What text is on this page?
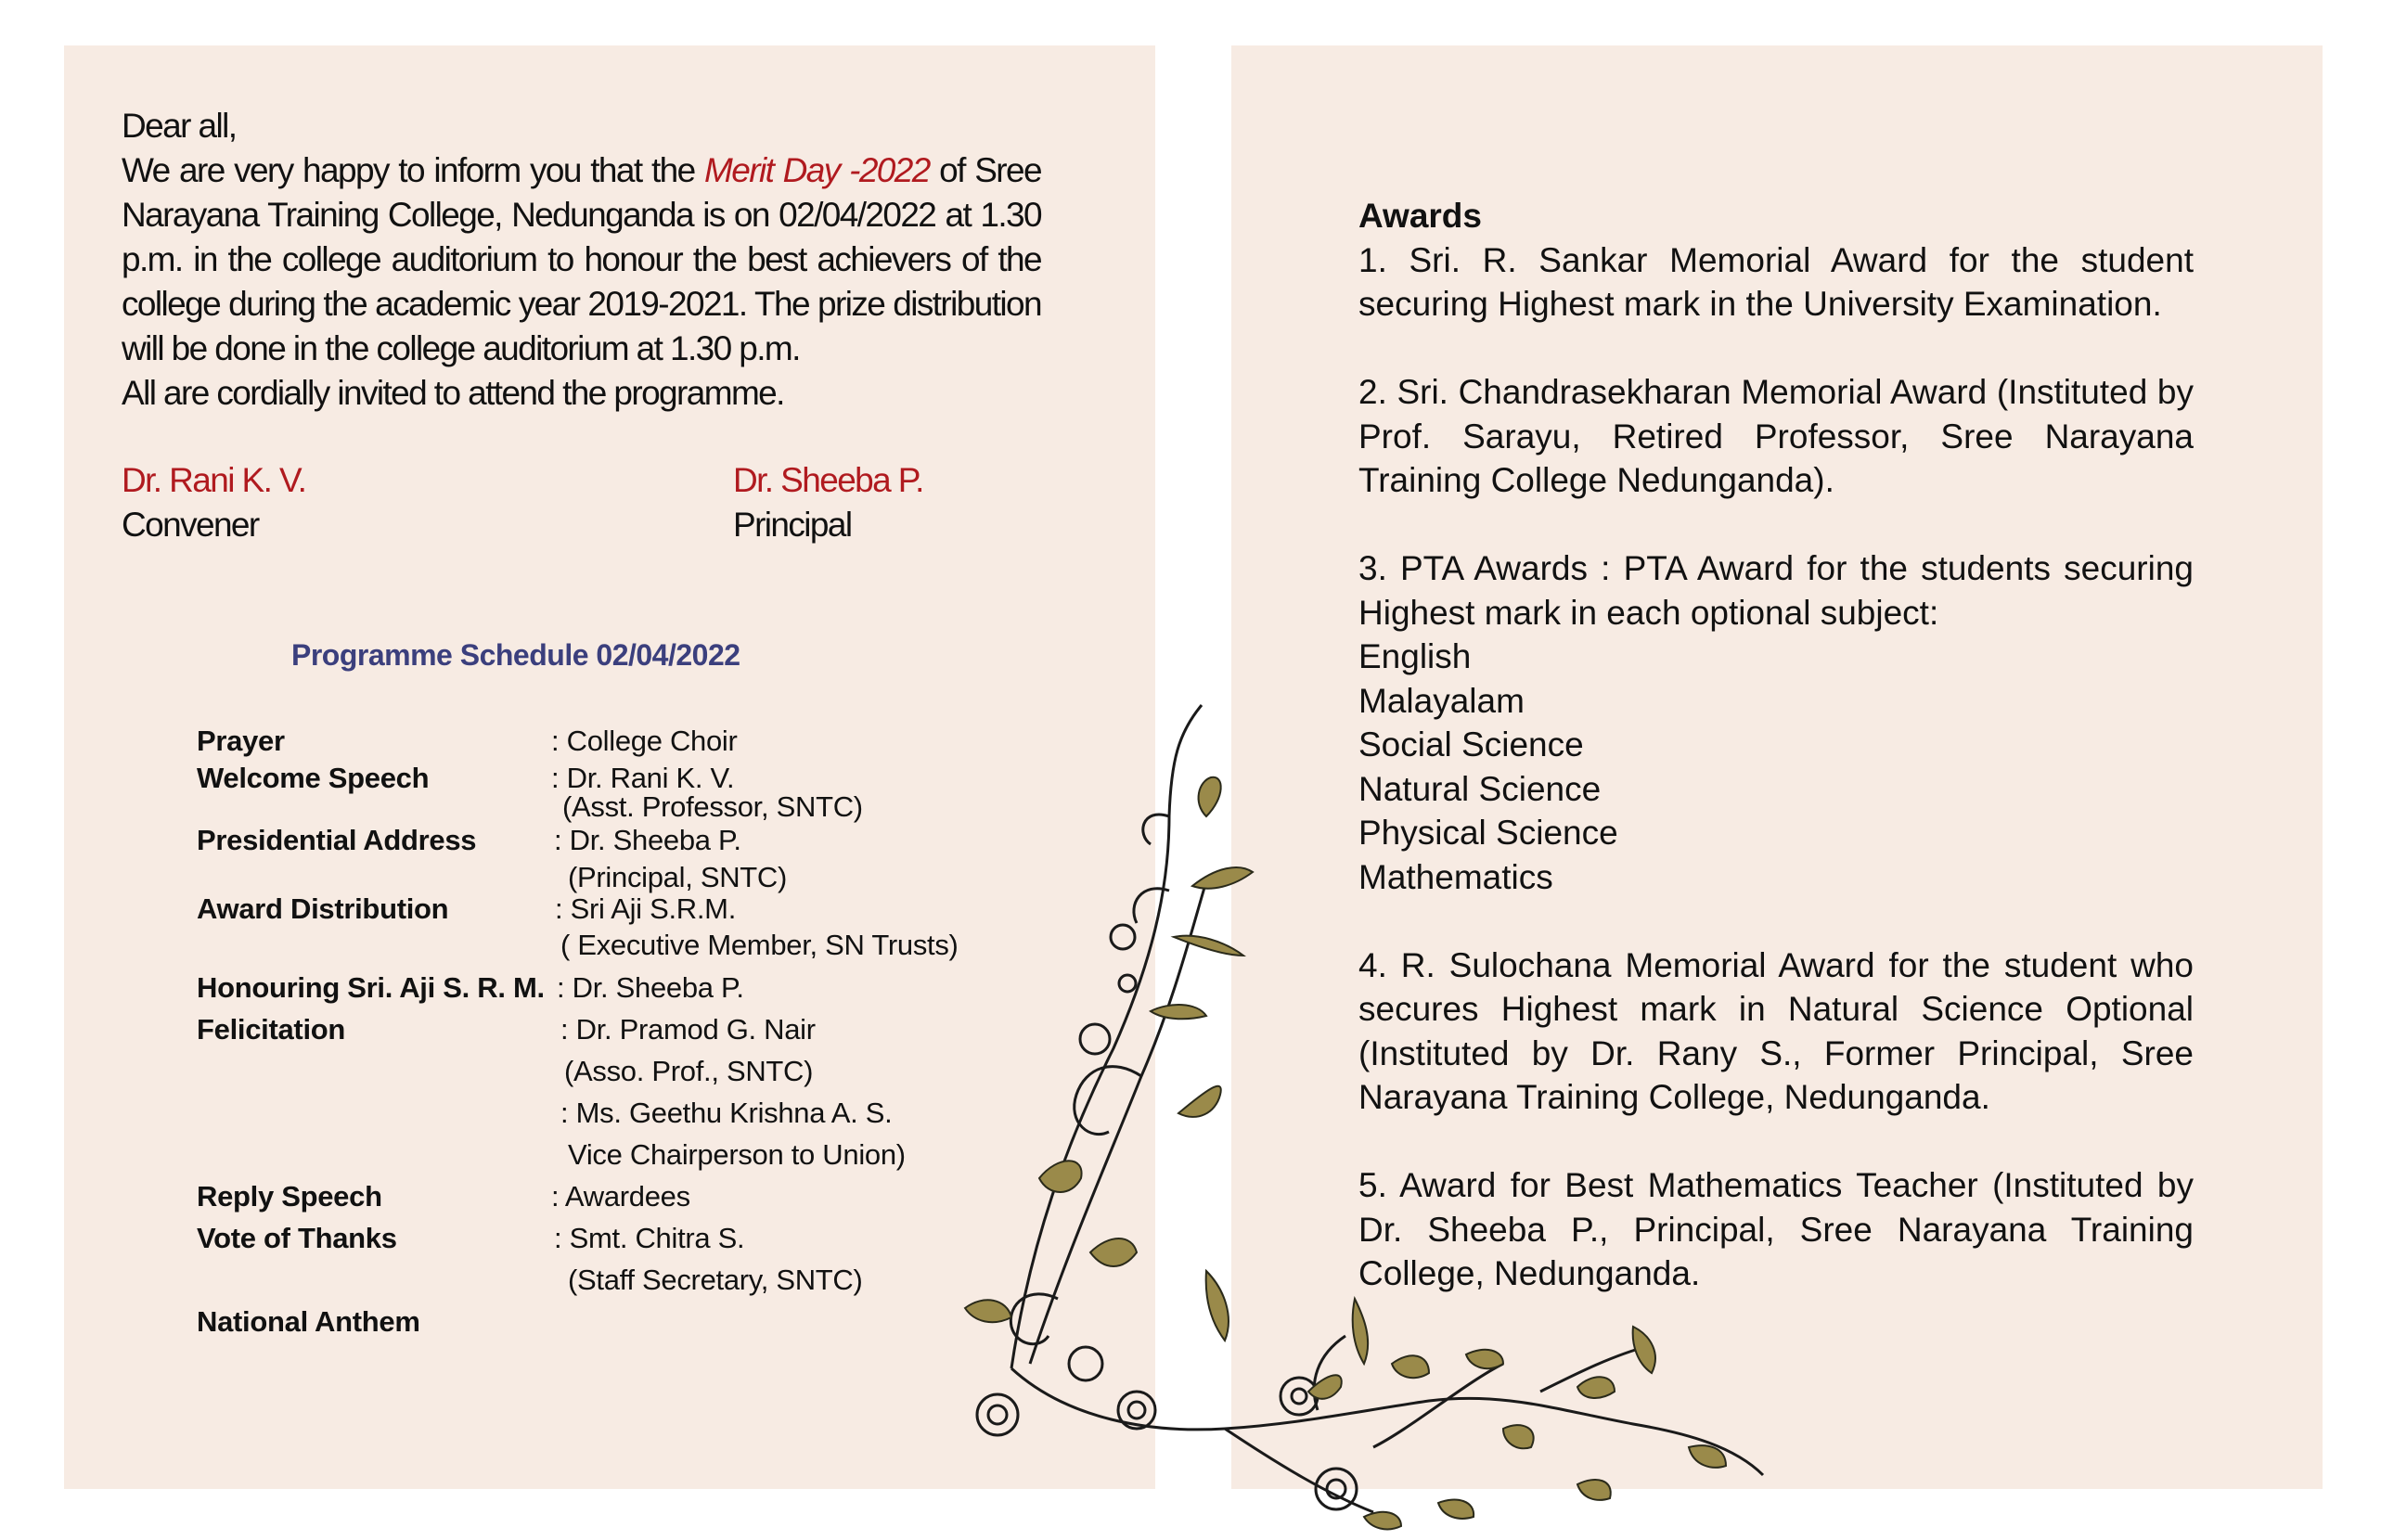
Dear all,

We are very happy to inform you that the Merit Day -2022 of Sree Narayana Training College, Nedunganda is on 02/04/2022 at 1.30 p.m. in the college auditorium to honour the best achievers of the college during the academic year 2019-2021. The prize distribution will be done in the college auditorium at 1.30 p.m.

All are cordially invited to attend the programme.

Dr. Rani K. V.
Convener
Dr. Sheeba P.
Principal
Programme Schedule 02/04/2022
Prayer	: College Choir
Welcome Speech	: Dr. Rani K. V.
(Asst. Professor, SNTC)
Presidential Address	: Dr. Sheeba P.
(Principal, SNTC)
Award Distribution	: Sri Aji S.R.M.
( Executive Member, SN Trusts)
Honouring Sri. Aji S. R. M. : Dr. Sheeba P.
Felicitation	: Dr. Pramod G. Nair
(Asso. Prof., SNTC)
: Ms. Geethu Krishna A. S.
Vice Chairperson to Union)
Reply Speech	: Awardees
Vote of Thanks	: Smt. Chitra S.
(Staff Secretary, SNTC)
National Anthem

Awards

1. Sri. R. Sankar Memorial Award for the student securing Highest mark in the University Examination.

2. Sri. Chandrasekharan Memorial Award (Instituted by Prof. Sarayu, Retired Professor, Sree Narayana Training College Nedunganda).

3. PTA Awards : PTA Award for the students securing Highest mark in each optional subject:

English

Malayalam

Social Science

Natural Science

Physical Science

Mathematics

4. R. Sulochana Memorial Award for the student who secures Highest mark in Natural Science Optional (Instituted by Dr. Rany S., Former Principal, Sree Narayana Training College, Nedunganda.

5. Award for Best Mathematics Teacher (Instituted by Dr. Sheeba P., Principal, Sree Narayana Training College, Nedunganda.
